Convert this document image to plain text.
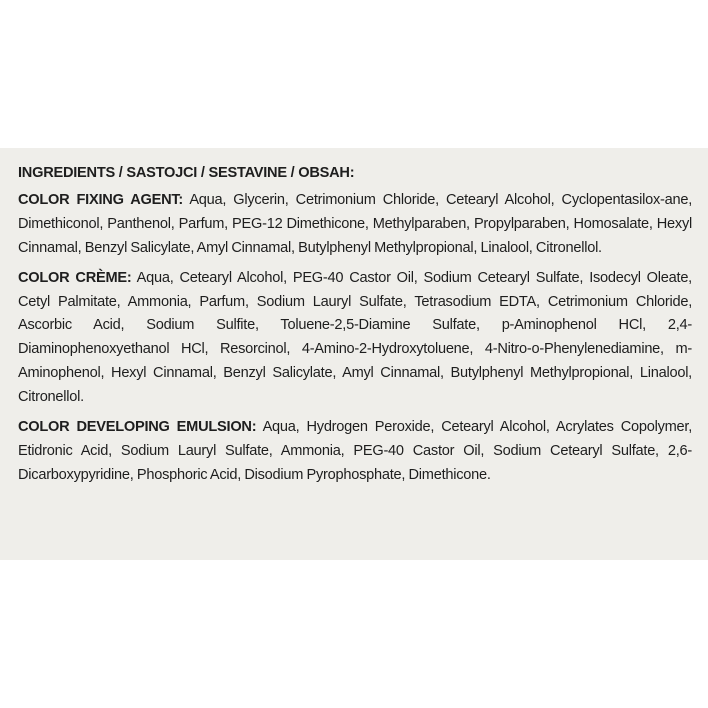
INGREDIENTS / SASTOJCI / SESTAVINE / OBSAH:

COLOR FIXING AGENT: Aqua, Glycerin, Cetrimonium Chloride, Cetearyl Alcohol, Cyclopentasilox-ane, Dimethiconol, Panthenol, Parfum, PEG-12 Dimethicone, Methylparaben, Propylparaben, Homosalate, Hexyl Cinnamal, Benzyl Salicylate, Amyl Cinnamal, Butylphenyl Methylpropional, Linalool, Citronellol.

COLOR CRÈME: Aqua, Cetearyl Alcohol, PEG-40 Castor Oil, Sodium Cetearyl Sulfate, Isodecyl Oleate, Cetyl Palmitate, Ammonia, Parfum, Sodium Lauryl Sulfate, Tetrasodium EDTA, Cetrimonium Chloride, Ascorbic Acid, Sodium Sulfite, Toluene-2,5-Diamine Sulfate, p-Aminophenol HCl, 2,4-Diaminophenoxyethanol HCl, Resorcinol, 4-Amino-2-Hydroxytoluene, 4-Nitro-o-Phenylenediamine, m-Aminophenol, Hexyl Cinnamal, Benzyl Salicylate, Amyl Cinnamal, Butylphenyl Methylpropional, Linalool, Citronellol.

COLOR DEVELOPING EMULSION: Aqua, Hydrogen Peroxide, Cetearyl Alcohol, Acrylates Copolymer, Etidronic Acid, Sodium Lauryl Sulfate, Ammonia, PEG-40 Castor Oil, Sodium Cetearyl Sulfate, 2,6-Dicarboxypyridine, Phosphoric Acid, Disodium Pyrophosphate, Dimethicone.
